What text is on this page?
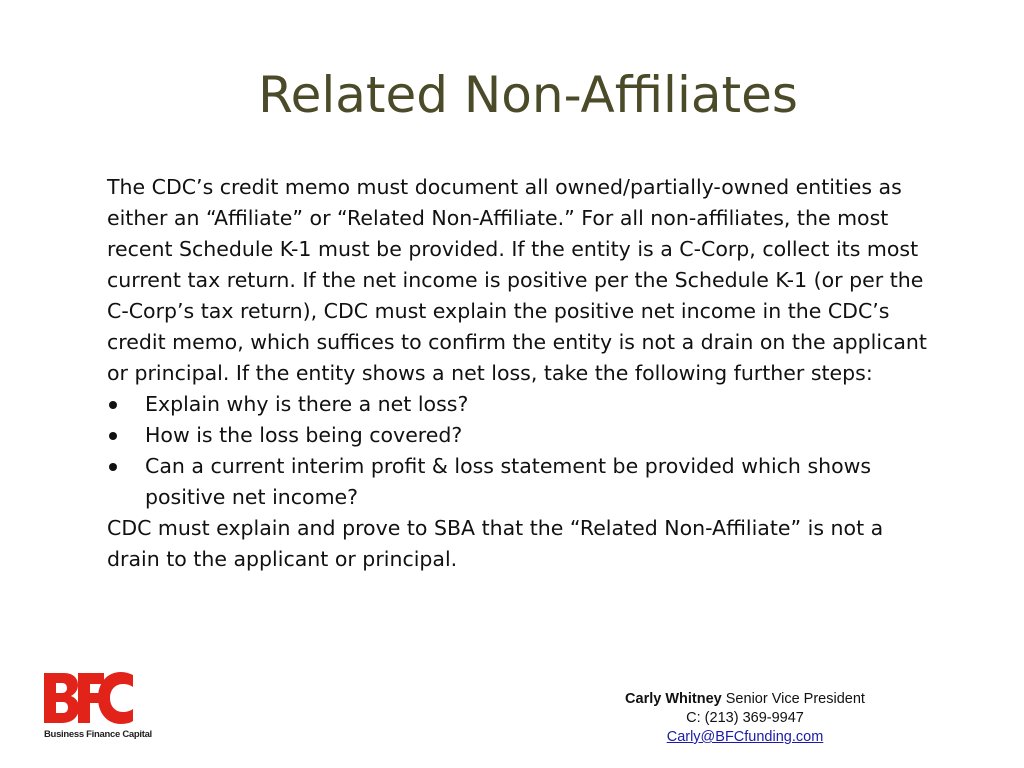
Related Non-Affiliates

The CDC’s credit memo must document all owned/partially-owned entities as either an “Affiliate” or “Related Non-Affiliate.” For all non-affiliates, the most recent Schedule K-1 must be provided. If the entity is a C-Corp, collect its most current tax return. If the net income is positive per the Schedule K-1 (or per the C-Corp’s tax return), CDC must explain the positive net income in the CDC’s credit memo, which suffices to confirm the entity is not a drain on the applicant or principal. If the entity shows a net loss, take the following further steps:

Explain why is there a net loss?
How is the loss being covered?
Can a current interim profit & loss statement be provided which shows positive net income?

CDC must explain and prove to SBA that the “Related Non-Affiliate” is not a drain to the applicant or principal.

Business Finance Capital
Carly Whitney Senior Vice President
C: (213) 369-9947
Carly@BFCfunding.com
